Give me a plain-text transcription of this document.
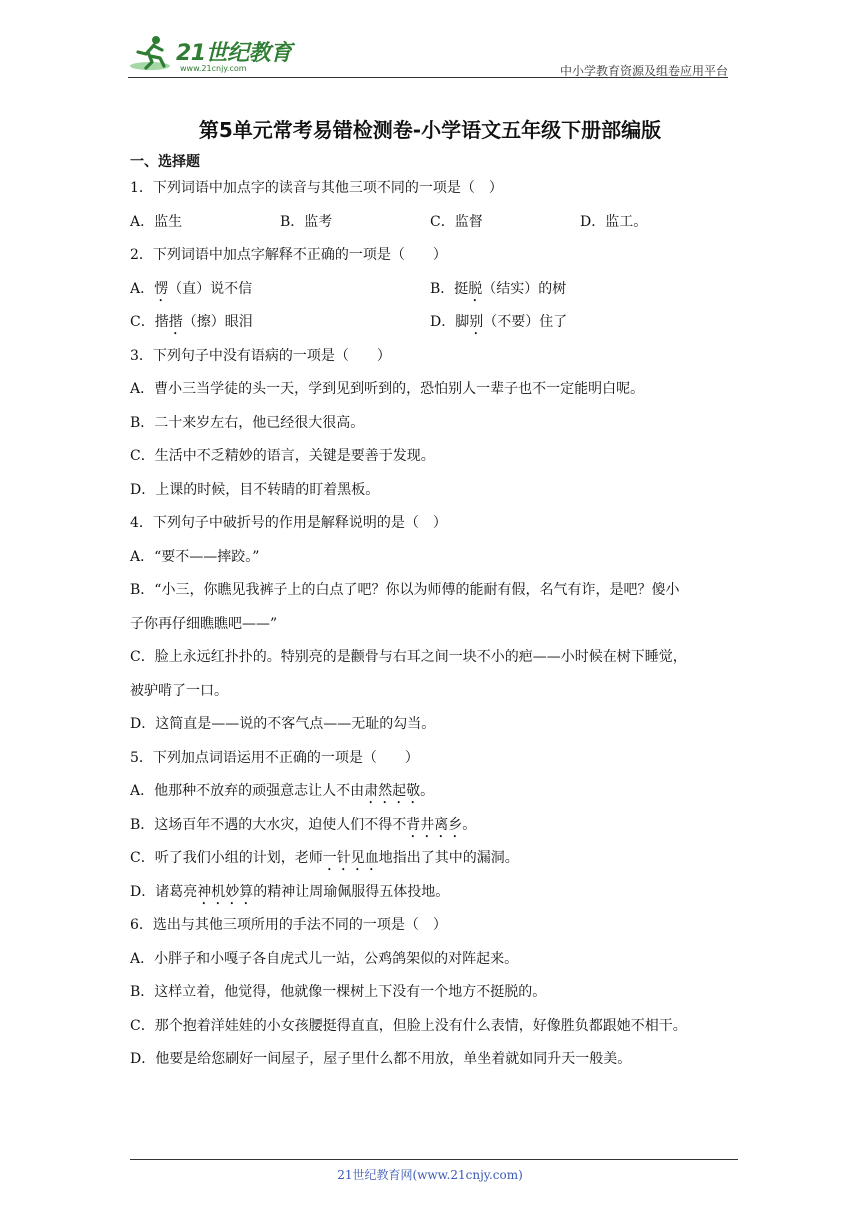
21世纪教育
www.21cnjy.com	中小学教育资源及组卷应用平台
第5单元常考易错检测卷-小学语文五年级下册部编版
一、选择题
1．下列词语中加点字的读音与其他三项不同的一项是（　）
A．监生	B．监考	C．监督	D．监工。
2．下列词语中加点字解释不正确的一项是（　　）
A．愣（直）说不信	B．挺脱（结实）的树
C．揩揩（擦）眼泪	D．脚别（不要）住了
3．下列句子中没有语病的一项是（　　）
A．曹小三当学徒的头一天，学到见到听到的，恐怕别人一辈子也不一定能明白呢。
B．二十来岁左右，他已经很大很高。
C．生活中不乏精妙的语言，关键是要善于发现。
D．上课的时候，目不转睛的盯着黑板。
4．下列句子中破折号的作用是解释说明的是（　）
A．“要不——摔跤。”
B．“小三，你瞧见我裤子上的白点了吧？你以为师傅的能耐有假，名气有诈，是吧？傻小
子你再仔细瞧瞧吧——”
C．脸上永远红扑扑的。特别亮的是颧骨与右耳之间一块不小的疤——小时候在树下睡觉，
被驴啃了一口。
D．这简直是——说的不客气点——无耻的勾当。
5．下列加点词语运用不正确的一项是（　　）
A．他那种不放弃的顽强意志让人不由肃然起敬。
B．这场百年不遇的大水灾，迫使人们不得不背井离乡。
C．听了我们小组的计划，老师一针见血地指出了其中的漏洞。
D．诸葛亮神机妙算的精神让周瑜佩服得五体投地。
6．选出与其他三项所用的手法不同的一项是（　）
A．小胖子和小嘎子各自虎式儿一站，公鸡鸽架似的对阵起来。
B．这样立着，他觉得，他就像一棵树上下没有一个地方不挺脱的。
C．那个抱着洋娃娃的小女孩腰挺得直直，但脸上没有什么表情，好像胜负都跟她不相干。
D．他要是给您刷好一间屋子，屋子里什么都不用放，单坐着就如同升天一般美。
21世纪教育网(www.21cnjy.com)
